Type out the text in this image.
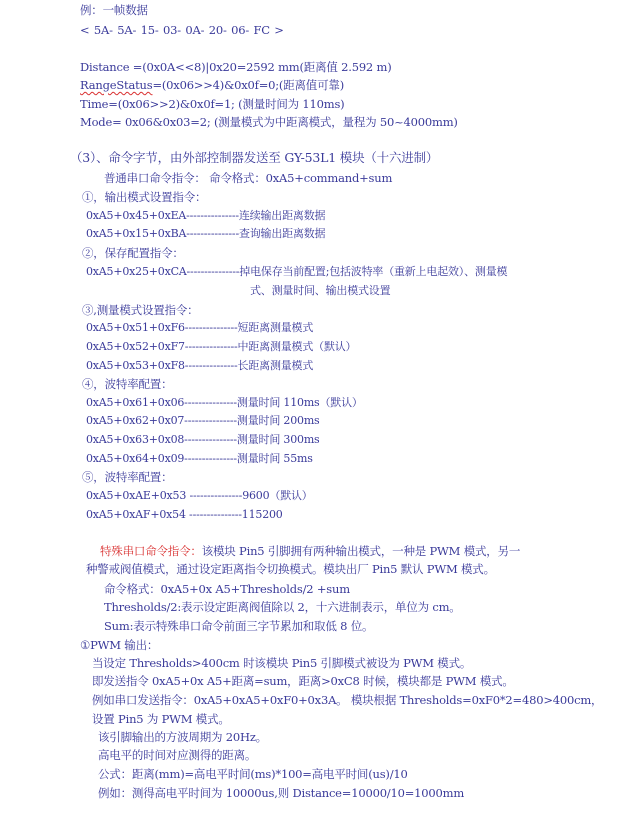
例：一帧数据
< 5A- 5A- 15- 03- 0A- 20- 06- FC >
Distance =(0x0A<<8)|0x20=2592 mm(距离值 2.592 m)
RangeStatus=(0x06>>4)&0x0f=0;(距离值可靠)
Time=(0x06>>2)&0x0f=1; (测量时间为 110ms)
Mode= 0x06&0x03=2; (测量模式为中距离模式，量程为 50~4000mm)
（3）、命令字节，由外部控制器发送至 GY-53L1 模块（十六进制）
普通串口命令指令： 命令格式：0xA5+command+sum
①，输出模式设置指令：
0xA5+0x45+0xEA---------------连续输出距离数据
0xA5+0x15+0xBA---------------查询输出距离数据
②，保存配置指令：
0xA5+0x25+0xCA---------------掉电保存当前配置;包括波特率（重新上电起效）、测量模
式、测量时间、输出模式设置
③,测量模式设置指令：
0xA5+0x51+0xF6---------------短距离测量模式
0xA5+0x52+0xF7---------------中距离测量模式（默认）
0xA5+0x53+0xF8---------------长距离测量模式
④，波特率配置：
0xA5+0x61+0x06---------------测量时间 110ms（默认）
0xA5+0x62+0x07---------------测量时间 200ms
0xA5+0x63+0x08---------------测量时间 300ms
0xA5+0x64+0x09---------------测量时间 55ms
⑤，波特率配置：
0xA5+0xAE+0x53 ---------------9600（默认）
0xA5+0xAF+0x54 ---------------115200
特殊串口命令指令：该模块 Pin5 引脚拥有两种输出模式，一种是 PWM 模式，另一
种警戒阀值模式，通过设定距离指令切换模式。模块出厂 Pin5 默认 PWM 模式。
命令格式：0xA5+0x A5+Thresholds/2 +sum
Thresholds/2:表示设定距离阀值除以 2，十六进制表示，单位为 cm。
Sum:表示特殊串口命令前面三字节累加和取低 8 位。
①PWM 输出：
当设定 Thresholds>400cm 时该模块 Pin5 引脚模式被设为 PWM 模式。
即发送指令 0xA5+0x A5+距离=sum，距离>0xC8 时候，模块都是 PWM 模式。
例如串口发送指令：0xA5+0xA5+0xF0+0x3A。 模块根据 Thresholds=0xF0*2=480>400cm，
设置 Pin5 为 PWM 模式。
该引脚输出的方波周期为 20Hz。
高电平的时间对应测得的距离。
公式：距离(mm)=高电平时间(ms)*100=高电平时间(us)/10
例如：测得高电平时间为 10000us,则 Distance=10000/10=1000mm
